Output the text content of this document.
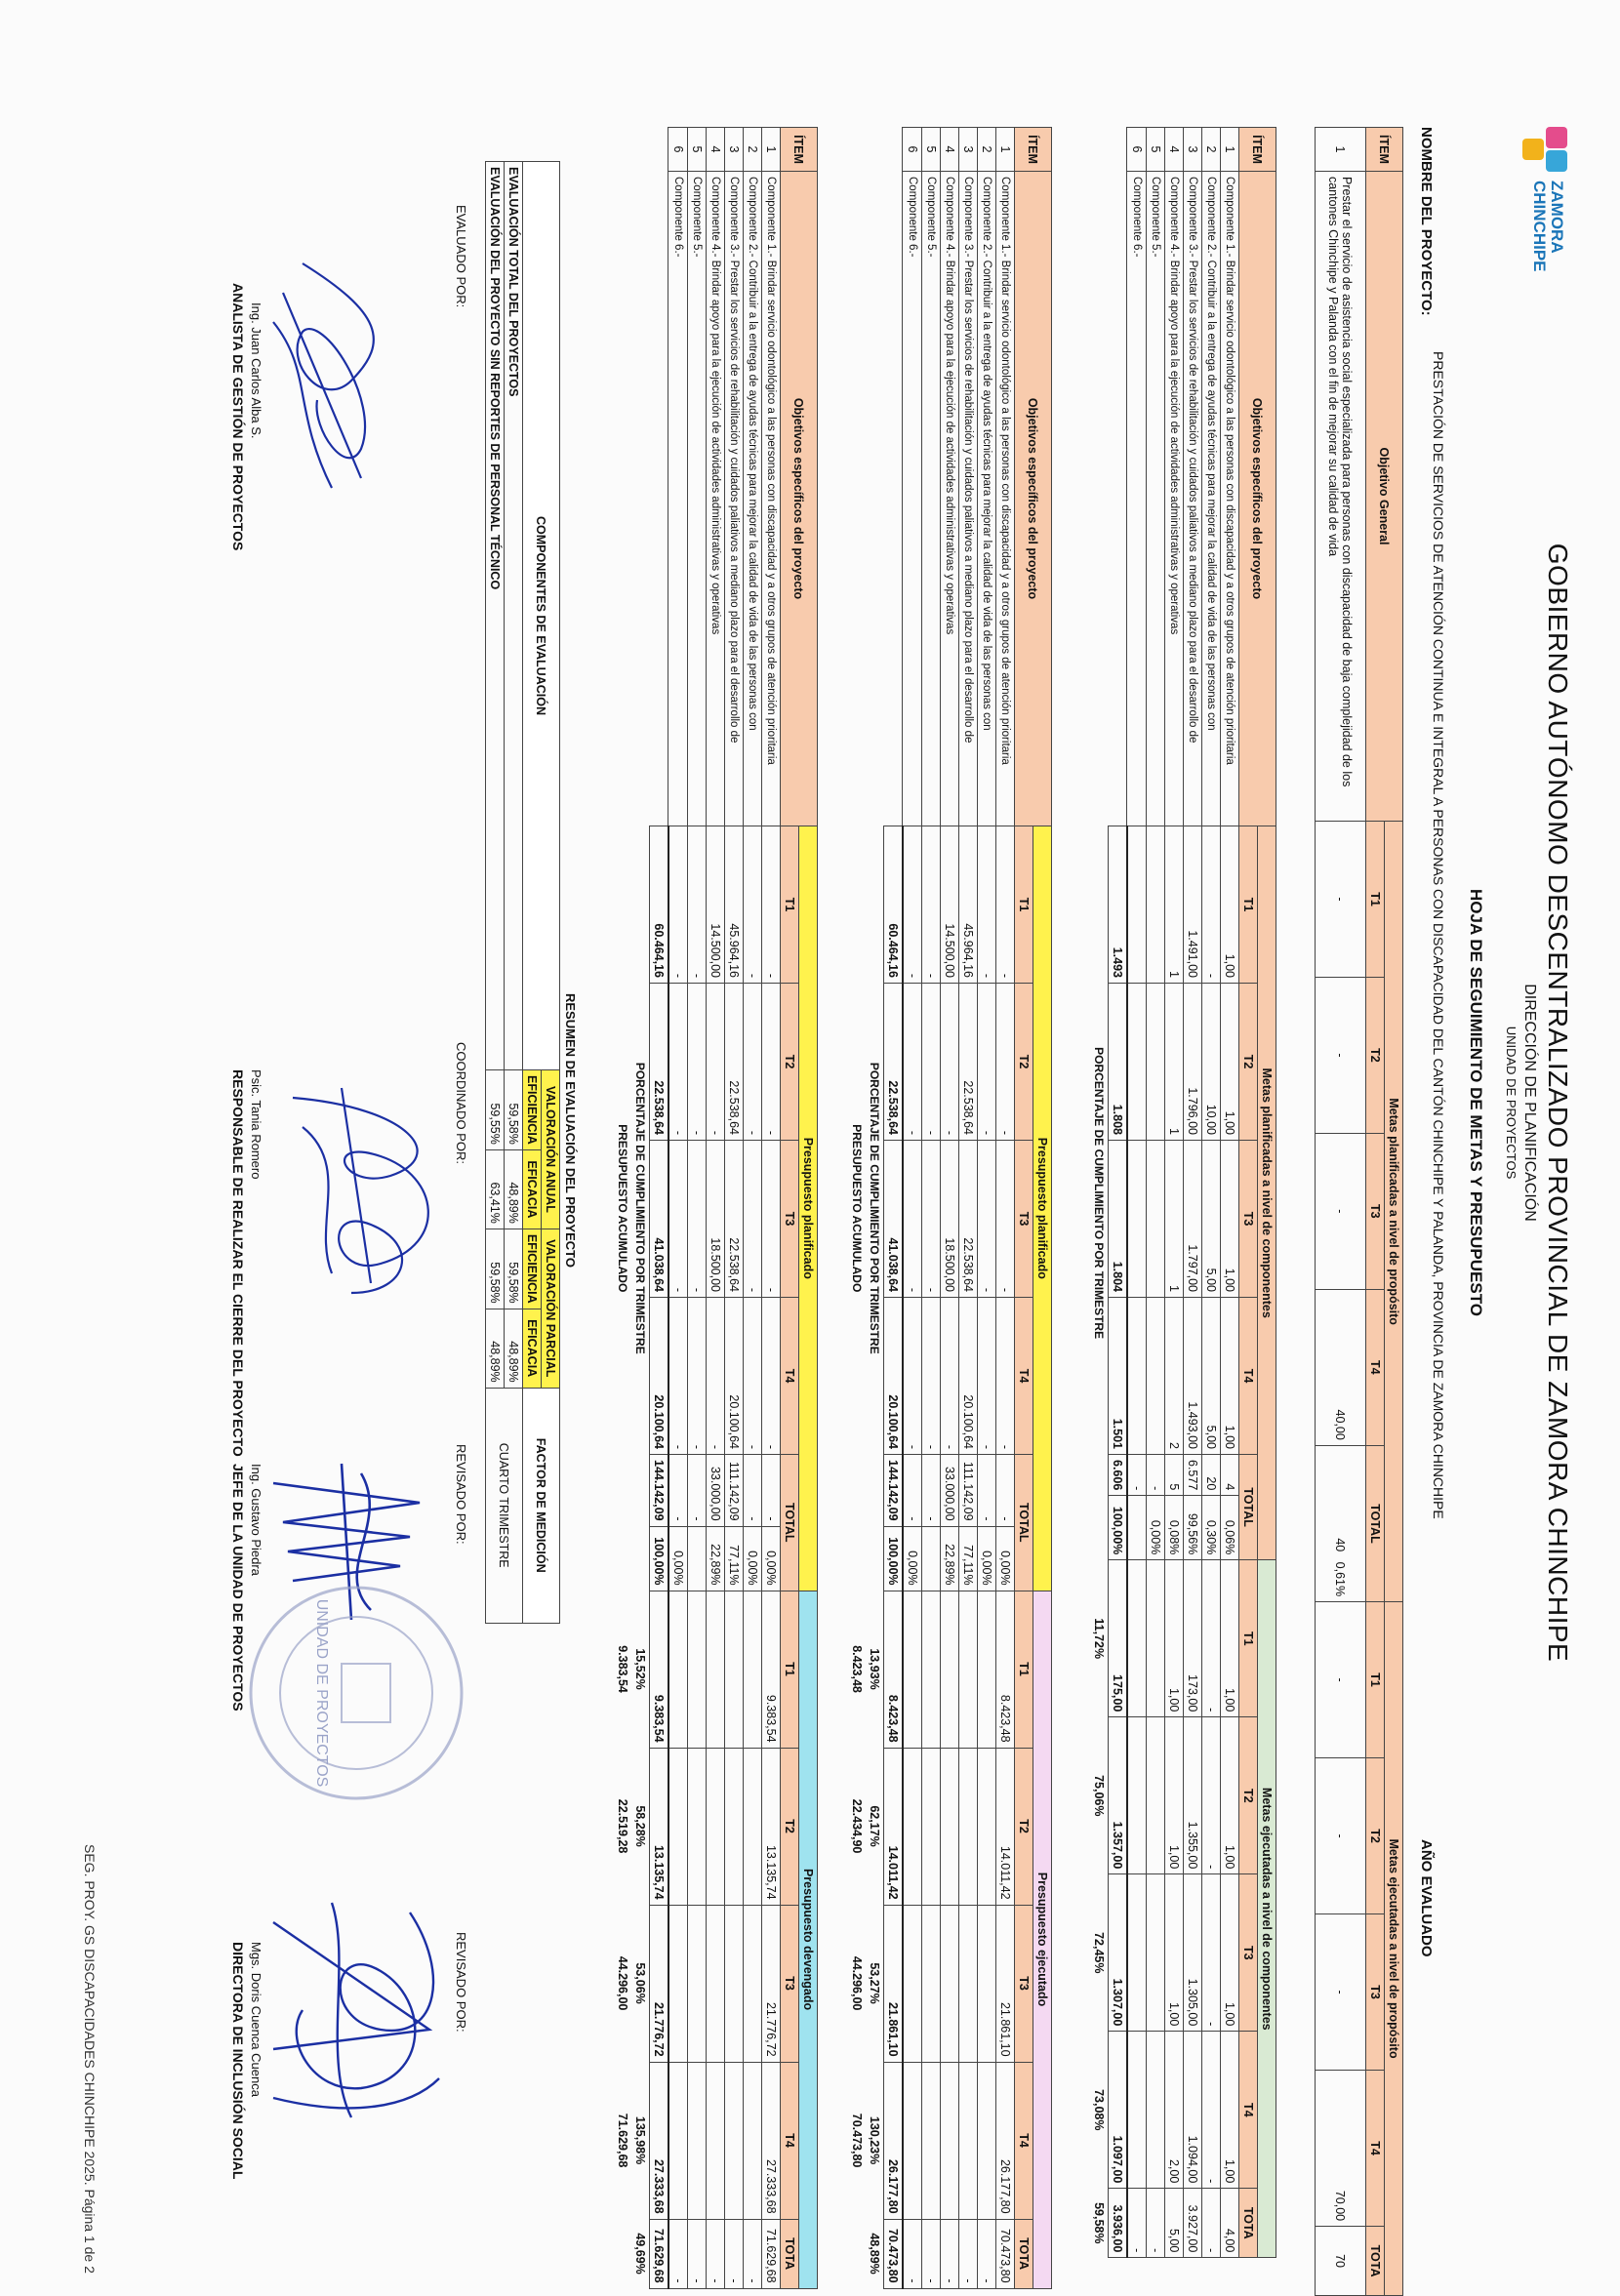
ZAMORA
CHINCHIPE
GOBIERNO AUTÓNOMO DESCENTRALIZADO PROVINCIAL DE ZAMORA CHINCHIPE
DIRECCIÓN DE PLANIFICACIÓN
UNIDAD DE PROYECTOS
HOJA DE SEGUIMIENTO DE METAS Y PRESUPUESTO
NOMBRE DEL PROYECTO:
PRESTACIÓN DE SERVICIOS DE ATENCIÓN CONTINUA E INTEGRAL A PERSONAS CON DISCAPACIDAD DEL CANTÓN CHINCHIPE Y PALANDA, PROVINCIA DE ZAMORA CHINCHIPE
AÑO EVALUADO
ÍTEM	Objetivo General	Metas planificadas a nivel de propósito					Metas ejecutadas a nivel de propósito				
		T1	T2	T3	T4	TOTAL	T1	T2	T3	T4	TOTA
1	Prestar el servicio de asistencia social especializada para personas con discapacidad de baja complejidad de los cantones Chinchipe y Palanda con el fin de mejorar su calidad de vida	-	-	-	40,00	40   0,61%	-	-	-	70,00	70
ÍTEM	Objetivos específicos del proyecto	Metas planificadas a nivel de componentes						Metas ejecutadas a nivel de componentes				
		T1	T2	T3	T4	TOTAL		T1	T2	T3	T4	TOTA
1	Componente 1.- Brindar servicio odontológico a las personas con discapacidad y a otros grupos de atención prioritaria	1,00	1,00	1,00	1,00	4	0,06%	1,00	1,00	1,00	1,00	4,00
2	Componente 2.- Contribuir a la entrega de ayudas técnicas para mejorar la calidad de vida de las personas con	-	10,00	5,00	5,00	20	0,30%	-	-	-	-	-
3	Componente 3.- Prestar los servicios de rehabilitación y cuidados paliativos a mediano plazo para el desarrollo de	1.491,00	1.796,00	1.797,00	1.493,00	6.577	99,56%	173,00	1.355,00	1.305,00	1.094,00	3.927,00
4	Componente 4.- Brindar apoyo para la ejecución de actividades administrativas y operativas	1	1	1	2	5	0,08%	1,00	1,00	1,00	2,00	5,00
5	Componente 5.-					-	0,00%					-
6	Componente 6.-					-						-
		1.493	1.808	1.804	1.501	6.606	100,00%	175,00	1.357,00	1.307,00	1.097,00	3.936,00
		PORCENTAJE DE CUMPLIMIENTO POR TRIMESTRE						11,72%	75,06%	72,45%	73,08%	59,58%
ÍTEM	Objetivos específicos del proyecto	Presupuesto planificado						Presupuesto ejecutado				
		T1	T2	T3	T4	TOTAL		T1	T2	T3	T4	TOTA
1	Componente 1.- Brindar servicio odontológico a las personas con discapacidad y a otros grupos de atención prioritaria	-	-	-	-	-	0,00%	8.423,48	14.011,42	21.861,10	26.177,80	70.473,80
2	Componente 2.- Contribuir a la entrega de ayudas técnicas para mejorar la calidad de vida de las personas con	-	-	-	-	-	0,00%					-
3	Componente 3.- Prestar los servicios de rehabilitación y cuidados paliativos a mediano plazo para el desarrollo de	45.964,16	22.538,64	22.538,64	20.100,64	111.142,09	77,11%					-
4	Componente 4.- Brindar apoyo para la ejecución de actividades administrativas y operativas	14.500,00	-	18.500,00	-	33.000,00	22,89%					-
5	Componente 5.-	-	-	-	-	-						-
6	Componente 6.-	-	-	-	-	-	0,00%					-
		60.464,16	22.538,64	41.038,64	20.100,64	144.142,09	100,00%	8.423,48	14.011,42	21.861,10	26.177,80	70.473,80
		PORCENTAJE DE CUMPLIMIENTO POR TRIMESTRE						13,93%	62,17%	53,27%	130,23%	48,89%
		PRESUPUESTO ACUMULADO						8.423,48	22.434,90	44.296,00	70.473,80	
ÍTEM	Objetivos específicos del proyecto	Presupuesto planificado						Presupuesto devengado				
		T1	T2	T3	T4	TOTAL		T1	T2	T3	T4	TOTA
1	Componente 1.- Brindar servicio odontológico a las personas con discapacidad y a otros grupos de atención prioritaria	-	-	-	-	-	0,00%	9.383,54	13.135,74	21.776,72	27.333,68	71.629,68
2	Componente 2.- Contribuir a la entrega de ayudas técnicas para mejorar la calidad de vida de las personas con	-	-	-	-	-	0,00%					-
3	Componente 3.- Prestar los servicios de rehabilitación y cuidados paliativos a mediano plazo para el desarrollo de	45.964,16	22.538,64	22.538,64	20.100,64	111.142,09	77,11%					-
4	Componente 4.- Brindar apoyo para la ejecución de actividades administrativas y operativas	14.500,00	-	18.500,00	-	33.000,00	22,89%					-
5	Componente 5.-	-	-	-	-	-						-
6	Componente 6.-	-	-	-	-	-	0,00%					-
		60.464,16	22.538,64	41.038,64	20.100,64	144.142,09	100,00%	9.383,54	13.135,74	21.776,72	27.333,68	71.629,68
		PORCENTAJE DE CUMPLIMIENTO POR TRIMESTRE						15,52%	58,28%	53,06%	135,98%	49,69%
		PRESUPUESTO ACUMULADO						9.383,54	22.519,28	44.296,00	71.629,68	
RESUMEN DE EVALUACIÓN DEL PROYECTO
COMPONENTES DE EVALUACIÓN	VALORACIÓN ANUAL		VALORACIÓN PARCIAL		FACTOR DE MEDICIÓN
	EFICIENCIA	EFICACIA	EFICIENCIA	EFICACIA	
EVALUACIÓN TOTAL DEL PROYECTOS	59,58%	48,89%	59,58%	48,89%	CUARTO TRIMESTRE
EVALUACIÓN DEL PROYECTO SIN REPORTES DE PERSONAL TÉCNICO	59,55%	63,41%	59,58%	48,89%	
EVALUADO POR:
Ing. Juan Carlos Alba S.
ANALISTA DE GESTIÓN DE PROYECTOS
COORDINADO POR:
Psic. Tania Romero
RESPONSABLE DE REALIZAR EL CIERRE DEL PROYECTO
REVISADO POR:
Ing. Gustavo Piedra
JEFE DE LA UNIDAD DE PROYECTOS	UNIDAD DE PROYECTOS
REVISADO POR:
Mgs. Doris Cuenca Cuenca
DIRECTORA DE INCLUSIÓN SOCIAL
SEG. PROY. GS DISCAPACIDADES CHINCHIPE 2025. Página 1 de 2
